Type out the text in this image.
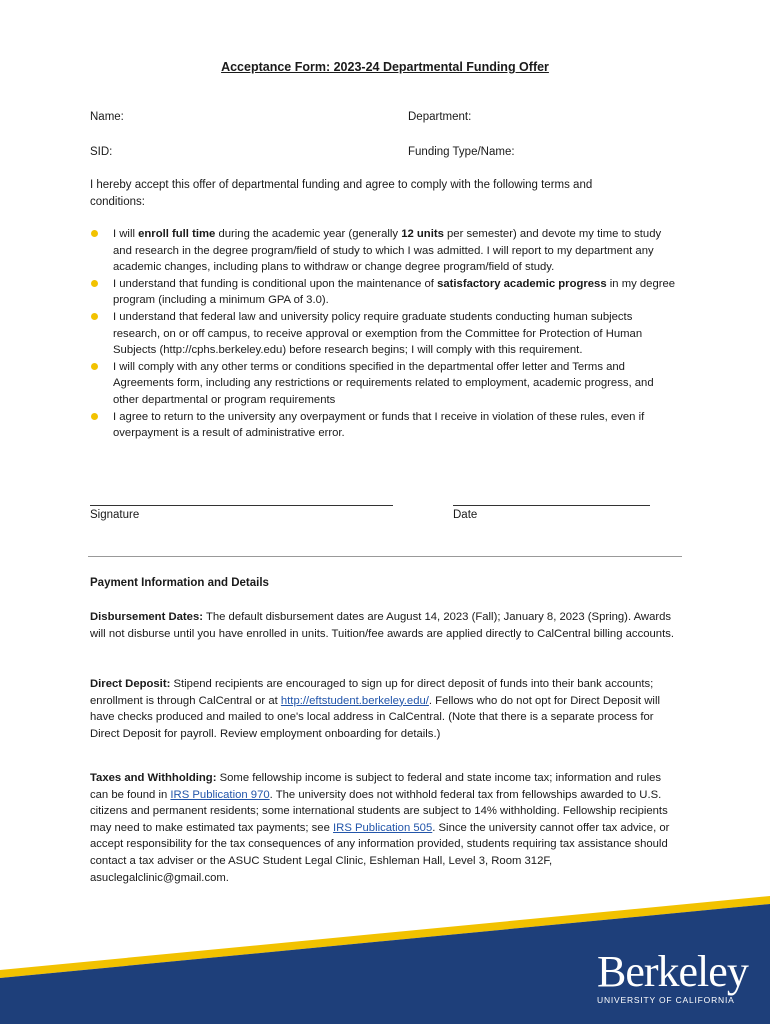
Acceptance Form: 2023-24 Departmental Funding Offer
Name:	Department:
SID:	Funding Type/Name:
I hereby accept this offer of departmental funding and agree to comply with the following terms and conditions:
I will enroll full time during the academic year (generally 12 units per semester) and devote my time to study and research in the degree program/field of study to which I was admitted. I will report to my department any academic changes, including plans to withdraw or change degree program/field of study.
I understand that funding is conditional upon the maintenance of satisfactory academic progress in my degree program (including a minimum GPA of 3.0).
I understand that federal law and university policy require graduate students conducting human subjects research, on or off campus, to receive approval or exemption from the Committee for Protection of Human Subjects (http://cphs.berkeley.edu) before research begins; I will comply with this requirement.
I will comply with any other terms or conditions specified in the departmental offer letter and Terms and Agreements form, including any restrictions or requirements related to employment, academic progress, and other departmental or program requirements
I agree to return to the university any overpayment or funds that I receive in violation of these rules, even if overpayment is a result of administrative error.
Signature	Date
Payment Information and Details
Disbursement Dates: The default disbursement dates are August 14, 2023 (Fall); January 8, 2023 (Spring). Awards will not disburse until you have enrolled in units. Tuition/fee awards are applied directly to CalCentral billing accounts.
Direct Deposit: Stipend recipients are encouraged to sign up for direct deposit of funds into their bank accounts; enrollment is through CalCentral or at http://eftstudent.berkeley.edu/. Fellows who do not opt for Direct Deposit will have checks produced and mailed to one's local address in CalCentral. (Note that there is a separate process for Direct Deposit for payroll. Review employment onboarding for details.)
Taxes and Withholding: Some fellowship income is subject to federal and state income tax; information and rules can be found in IRS Publication 970. The university does not withhold federal tax from fellowships awarded to U.S. citizens and permanent residents; some international students are subject to 14% withholding. Fellowship recipients may need to make estimated tax payments; see IRS Publication 505. Since the university cannot offer tax advice, or accept responsibility for the tax consequences of any information provided, students requiring tax assistance should contact a tax adviser or the ASUC Student Legal Clinic, Eshleman Hall, Level 3, Room 312F, asuclegalclinic@gmail.com.
Berkeley
UNIVERSITY OF CALIFORNIA
